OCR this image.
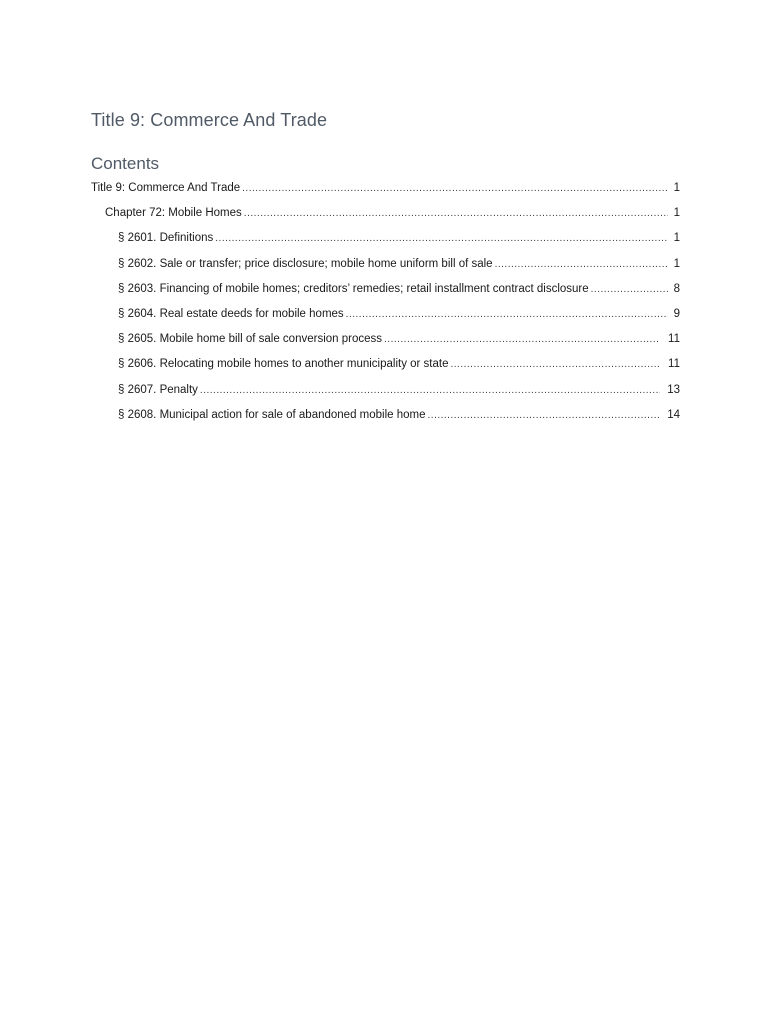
Title 9: Commerce And Trade
Contents
Title 9: Commerce And Trade .....	1
Chapter 72: Mobile Homes .....	1
§ 2601. Definitions .....	1
§ 2602. Sale or transfer; price disclosure; mobile home uniform bill of sale .....	1
§ 2603. Financing of mobile homes; creditors’ remedies; retail installment contract disclosure .....	8
§ 2604. Real estate deeds for mobile homes .....	9
§ 2605. Mobile home bill of sale conversion process .....	11
§ 2606. Relocating mobile homes to another municipality or state .....	11
§ 2607. Penalty .....	13
§ 2608. Municipal action for sale of abandoned mobile home .....	14
